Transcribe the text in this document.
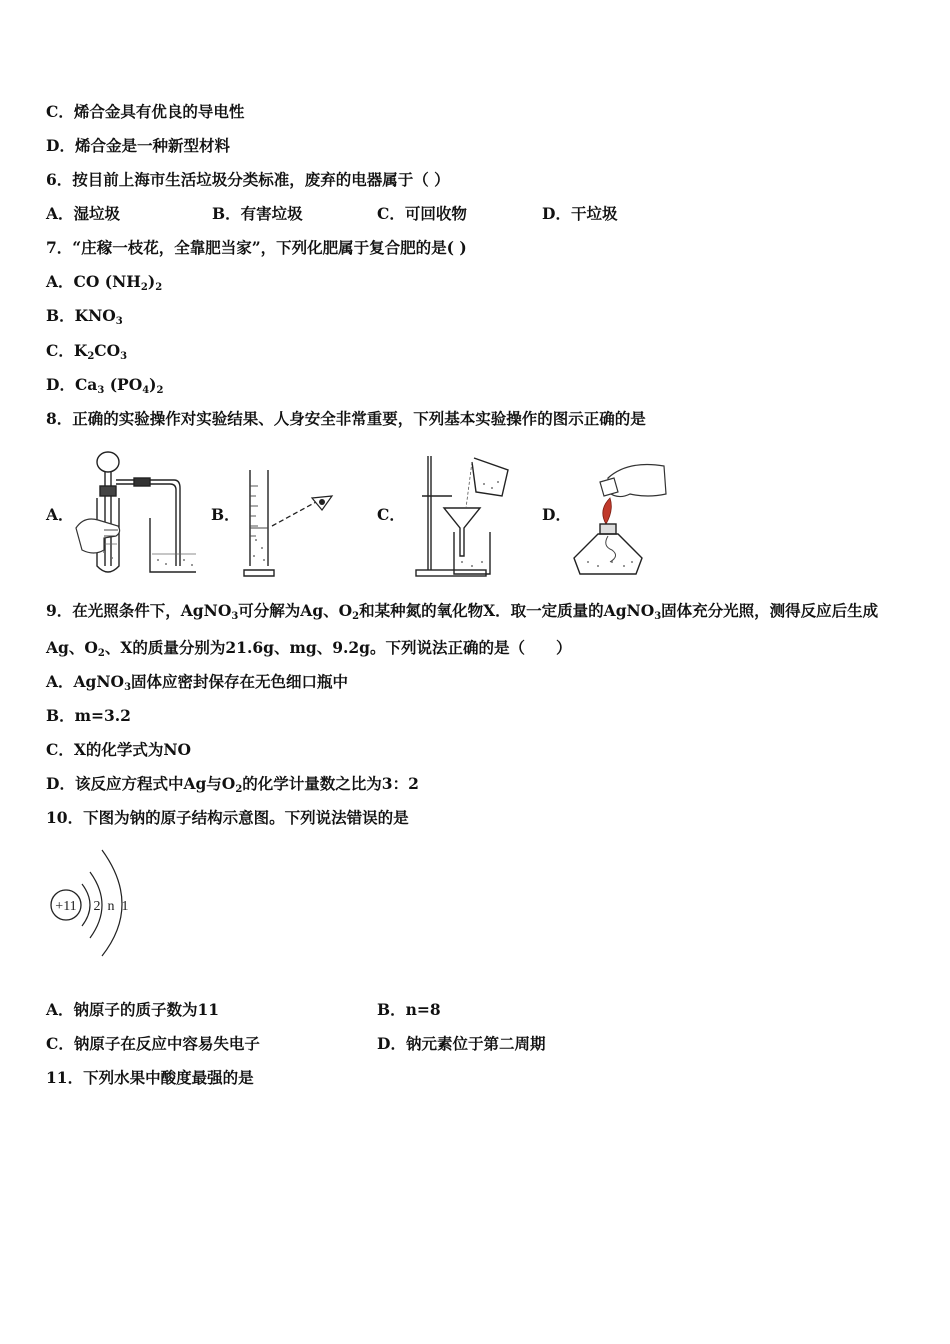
C．烯合金具有优良的导电性
D．烯合金是一种新型材料
6．按目前上海市生活垃圾分类标准，废弃的电器属于（ ）
A．湿垃圾	B．有害垃圾	C．可回收物	D．干垃圾
7．“庄稼一枝花，全靠肥当家”，下列化肥属于复合肥的是( )
A．CO $(NH_2)_2$
B．$KNO_3$
C．$K_2CO_3$
D．$Ca_3$ $(PO_4)_2$
8．正确的实验操作对实验结果、人身安全非常重要，下列基本实验操作的图示正确的是
A．	B．	C．	D．
9．在光照条件下，AgNO$_3$可分解为Ag、$O_2$和某种氮的氧化物X．取一定质量的AgNO$_3$固体充分光照，测得反应后生成
Ag、$O_2$、X的质量分别为21.6g、mg、9.2g。下列说法正确的是（　　）
A．AgNO$_3$固体应密封保存在无色细口瓶中
B．m=3.2
C．X的化学式为NO
D．该反应方程式中Ag与$O_2$的化学计量数之比为3：2
10．下图为钠的原子结构示意图。下列说法错误的是
+11 2 n 1
A．钠原子的质子数为11	B．n=8
C．钠原子在反应中容易失电子	D．钠元素位于第二周期
11．下列水果中酸度最强的是
